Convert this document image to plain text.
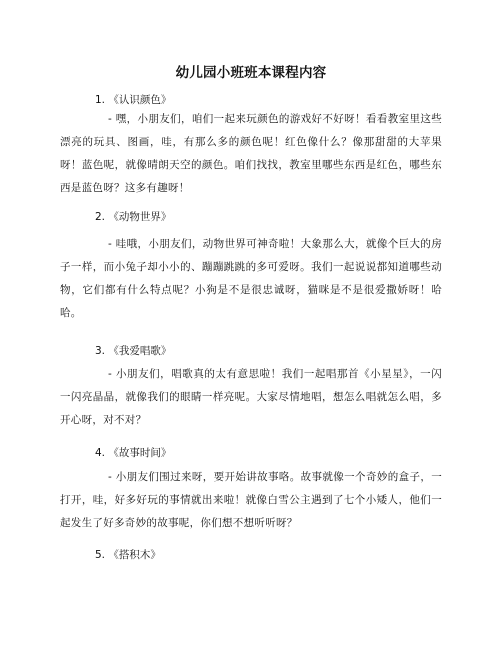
幼儿园小班班本课程内容
1. 《认识颜色》
- 嘿，小朋友们，咱们一起来玩颜色的游戏好不好呀！看看教室里这些漂亮的玩具、图画，哇，有那么多的颜色呢！红色像什么？像那甜甜的大苹果呀！蓝色呢，就像晴朗天空的颜色。咱们找找，教室里哪些东西是红色，哪些东西是蓝色呀？这多有趣呀！
2. 《动物世界》
- 哇哦，小朋友们，动物世界可神奇啦！大象那么大，就像个巨大的房子一样，而小兔子却小小的、蹦蹦跳跳的多可爱呀。我们一起说说都知道哪些动物，它们都有什么特点呢？小狗是不是很忠诚呀，猫咪是不是很爱撒娇呀！哈哈。
3. 《我爱唱歌》
- 小朋友们，唱歌真的太有意思啦！我们一起唱那首《小星星》，一闪一闪亮晶晶，就像我们的眼睛一样亮呢。大家尽情地唱，想怎么唱就怎么唱，多开心呀，对不对？
4. 《故事时间》
- 小朋友们围过来呀，要开始讲故事咯。故事就像一个奇妙的盒子，一打开，哇，好多好玩的事情就出来啦！就像白雪公主遇到了七个小矮人，他们一起发生了好多奇妙的故事呢，你们想不想听听呀？
5. 《搭积木》
